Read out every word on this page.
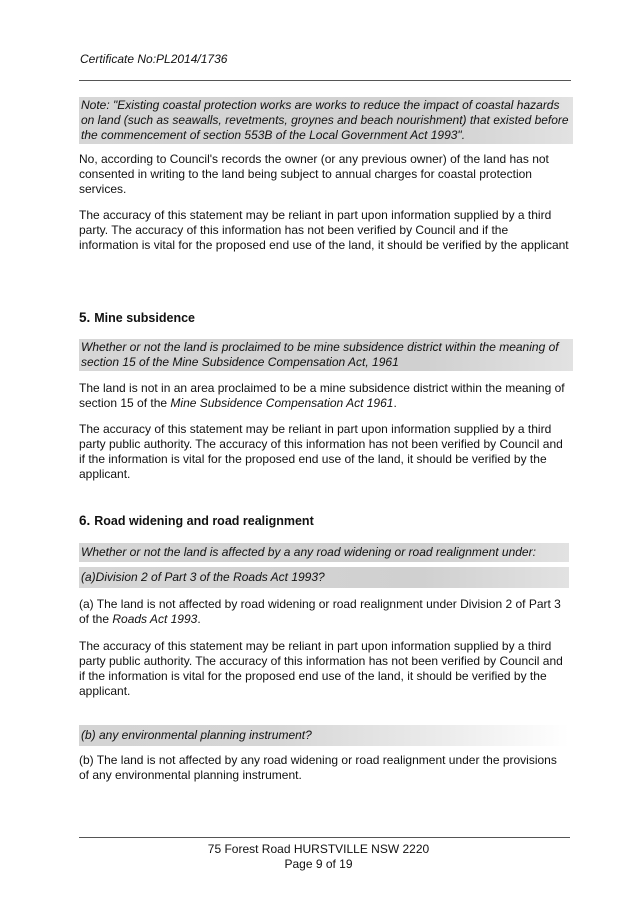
Certificate No:PL2014/1736
Note: "Existing coastal protection works are works to reduce the impact of coastal hazards on land (such as seawalls, revetments, groynes and beach nourishment) that existed before the commencement of section 553B of the Local Government Act 1993".
No, according to Council's records the owner (or any previous owner) of the land has not consented in writing to the land being subject to annual charges for coastal protection services.
The accuracy of this statement may be reliant in part upon information supplied by a third party. The accuracy of this information has not been verified by Council and if the information is vital for the proposed end use of the land, it should be verified by the applicant
5. Mine subsidence
Whether or not the land is proclaimed to be mine subsidence district within the meaning of section 15 of the Mine Subsidence Compensation Act, 1961
The land is not in an area proclaimed to be a mine subsidence district within the meaning of section 15 of the Mine Subsidence Compensation Act 1961.
The accuracy of this statement may be reliant in part upon information supplied by a third party public authority. The accuracy of this information has not been verified by Council and if the information is vital for the proposed end use of the land, it should be verified by the applicant.
6. Road widening and road realignment
Whether or not the land is affected by a any road widening or road realignment under:
(a)Division 2 of Part 3 of the Roads Act 1993?
(a) The land is not affected by road widening or road realignment under Division 2 of Part 3 of the Roads Act 1993.
The accuracy of this statement may be reliant in part upon information supplied by a third party public authority. The accuracy of this information has not been verified by Council and if the information is vital for the proposed end use of the land, it should be verified by the applicant.
(b) any environmental planning instrument?
(b) The land is not affected by any road widening or road realignment under the provisions of any environmental planning instrument.
75 Forest Road HURSTVILLE NSW 2220
Page 9 of 19
